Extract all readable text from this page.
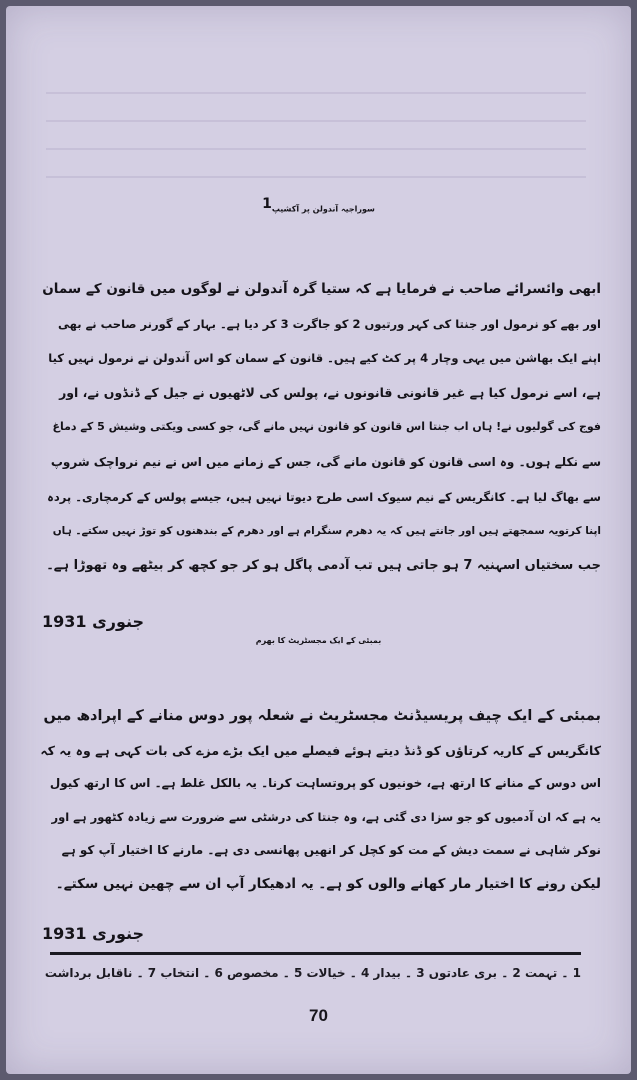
سوراجیہ آندولن پر آکشیپ$^1$
ابھی وائسرائے صاحب نے فرمایا ہے کہ ستیا گرہ آندولن نے لوگوں میں قانون کے سمان
اور بھے کو نرمول اور جنتا کی کہر ورتیوں 2 کو جاگرت 3 کر دیا ہے۔ بہار کے گورنر صاحب نے بھی
اپنے ایک بھاشن میں یہی وچار 4 پر کٹ کیے ہیں۔ قانون کے سمان کو اس آندولن نے نرمول نہیں کیا
ہے، اسے نرمول کیا ہے غیر قانونی قانونوں نے، پولس کی لاٹھیوں نے جیل کے ڈنڈوں نے، اور
فوج کی گولیوں نے! ہاں اب جنتا اس قانون کو قانون نہیں مانے گی، جو کسی ویکتی وشیش 5 کے دماغ
سے نکلے ہوں۔ وہ اسی قانون کو قانون مانے گی، جس کے زمانے میں اس نے نیم نرواچک شروپ
سے بھاگ لیا ہے۔ کانگریس کے نیم سیوک اسی طرح دیوتا نہیں ہیں، جیسے پولس کے کرمچاری۔ پردہ
اپنا کرتویہ سمجھتے ہیں اور جانتے ہیں کہ یہ دھرم سنگرام ہے اور دھرم کے بندھنوں کو توڑ نہیں سکتے۔ ہاں
جب سختیاں اسہنیہ 7 ہو جاتی ہیں تب آدمی پاگل ہو کر جو کچھ کر بیٹھے وہ تھوڑا ہے۔
جنوری 1931
بمبئی کے ایک مجسٹریٹ کا بھرم
بمبئی کے ایک چیف پریسیڈنٹ مجسٹریٹ نے شعلہ پور دوس منانے کے اپرادھ میں
کانگریس کے کاریہ کرتاؤں کو ڈنڈ دیتے ہوئے فیصلے میں ایک بڑے مزے کی بات کہی ہے وہ یہ کہ
اس دوس کے منانے کا ارتھ ہے، خونیوں کو پروتساہت کرنا۔ یہ بالکل غلط ہے۔ اس کا ارتھ کیول
یہ ہے کہ ان آدمیوں کو جو سزا دی گئی ہے، وہ جنتا کی درشٹی سے ضرورت سے زیادہ کٹھور ہے اور
نوکر شاہی نے سمت دیش کے مت کو کچل کر انھیں پھانسی دی ہے۔ مارنے کا اختیار آپ کو ہے
لیکن رونے کا اختیار مار کھانے والوں کو ہے۔ یہ ادھیکار آپ ان سے چھین نہیں سکتے۔
جنوری 1931
1 ۔ تہمت 2 ۔ بری عادتوں 3 ۔ بیدار 4 ۔ خیالات 5 ۔ مخصوص 6 ۔ انتخاب 7 ۔ ناقابل برداشت
70
